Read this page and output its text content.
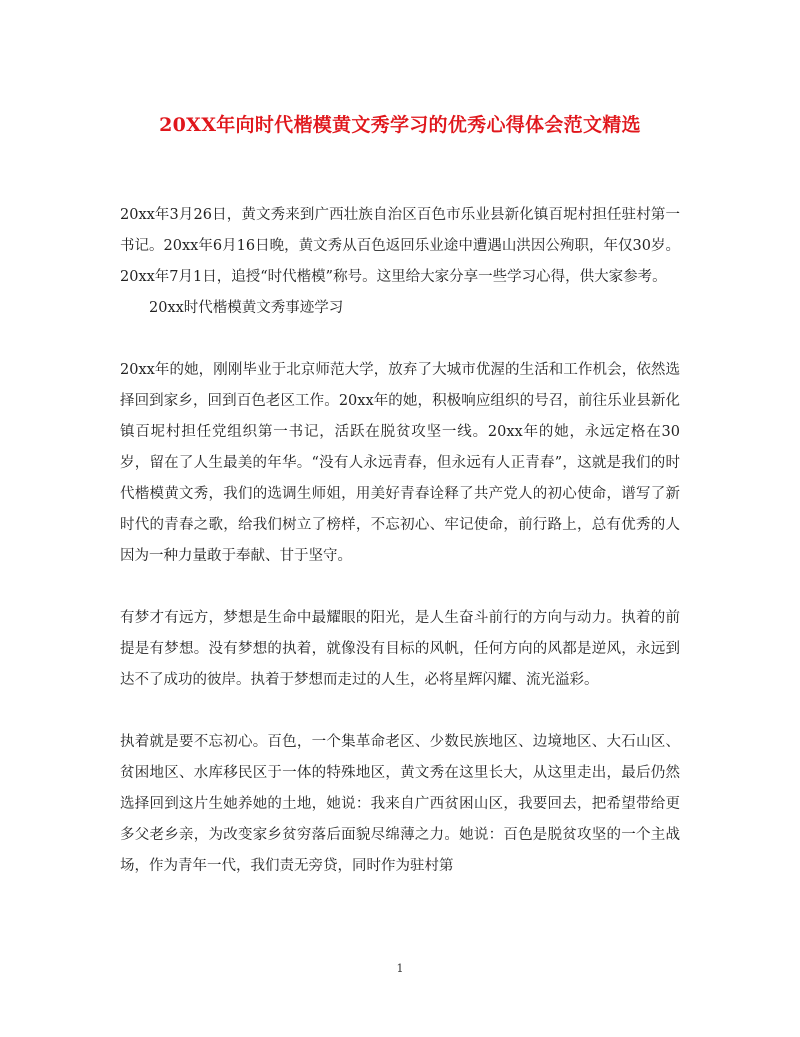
20XX年向时代楷模黄文秀学习的优秀心得体会范文精选

20xx年3月26日，黄文秀来到广西壮族自治区百色市乐业县新化镇百坭村担任驻村第一书记。20xx年6月16日晚，黄文秀从百色返回乐业途中遭遇山洪因公殉职，年仅30岁。20xx年7月1日，追授“时代楷模”称号。这里给大家分享一些学习心得，供大家参考。

20xx时代楷模黄文秀事迹学习

20xx年的她，刚刚毕业于北京师范大学，放弃了大城市优渥的生活和工作机会，依然选择回到家乡，回到百色老区工作。20xx年的她，积极响应组织的号召，前往乐业县新化镇百坭村担任党组织第一书记，活跃在脱贫攻坚一线。20xx年的她，永远定格在30岁，留在了人生最美的年华。“没有人永远青春，但永远有人正青春”，这就是我们的时代楷模黄文秀，我们的选调生师姐，用美好青春诠释了共产党人的初心使命，谱写了新时代的青春之歌，给我们树立了榜样，不忘初心、牢记使命，前行路上，总有优秀的人因为一种力量敢于奉献、甘于坚守。

有梦才有远方，梦想是生命中最耀眼的阳光，是人生奋斗前行的方向与动力。执着的前提是有梦想。没有梦想的执着，就像没有目标的风帆，任何方向的风都是逆风，永远到达不了成功的彼岸。执着于梦想而走过的人生，必将星辉闪耀、流光溢彩。

执着就是要不忘初心。百色，一个集革命老区、少数民族地区、边境地区、大石山区、贫困地区、水库移民区于一体的特殊地区，黄文秀在这里长大，从这里走出，最后仍然选择回到这片生她养她的土地，她说：我来自广西贫困山区，我要回去，把希望带给更多父老乡亲，为改变家乡贫穷落后面貌尽绵薄之力。她说：百色是脱贫攻坚的一个主战场，作为青年一代，我们责无旁贷，同时作为驻村第

1
